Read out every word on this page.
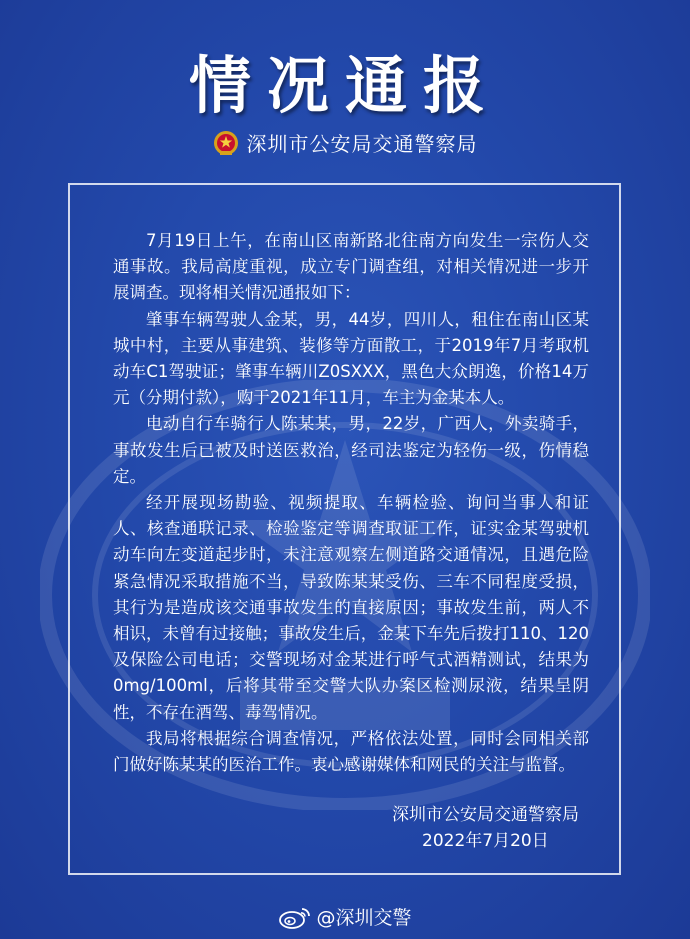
情况通报
深圳市公安局交通警察局

7月19日上午，在南山区南新路北往南方向发生一宗伤人交通事故。我局高度重视，成立专门调查组，对相关情况进一步开展调查。现将相关情况通报如下：

肇事车辆驾驶人金某，男，44岁，四川人，租住在南山区某城中村，主要从事建筑、装修等方面散工，于2019年7月考取机动车C1驾驶证；肇事车辆川Z0SXXX，黑色大众朗逸，价格14万元（分期付款），购于2021年11月，车主为金某本人。

电动自行车骑行人陈某某，男，22岁，广西人，外卖骑手，事故发生后已被及时送医救治，经司法鉴定为轻伤一级，伤情稳定。

经开展现场勘验、视频提取、车辆检验、询问当事人和证人、核查通联记录、检验鉴定等调查取证工作，证实金某驾驶机动车向左变道起步时，未注意观察左侧道路交通情况，且遇危险紧急情况采取措施不当，导致陈某某受伤、三车不同程度受损，其行为是造成该交通事故发生的直接原因；事故发生前，两人不相识，未曾有过接触；事故发生后，金某下车先后拨打110、120及保险公司电话；交警现场对金某进行呼气式酒精测试，结果为0mg/100ml，后将其带至交警大队办案区检测尿液，结果呈阴性，不存在酒驾、毒驾情况。

我局将根据综合调查情况，严格依法处置，同时会同相关部门做好陈某某的医治工作。衷心感谢媒体和网民的关注与监督。

深圳市公安局交通警察局
2022年7月20日
@深圳交警
